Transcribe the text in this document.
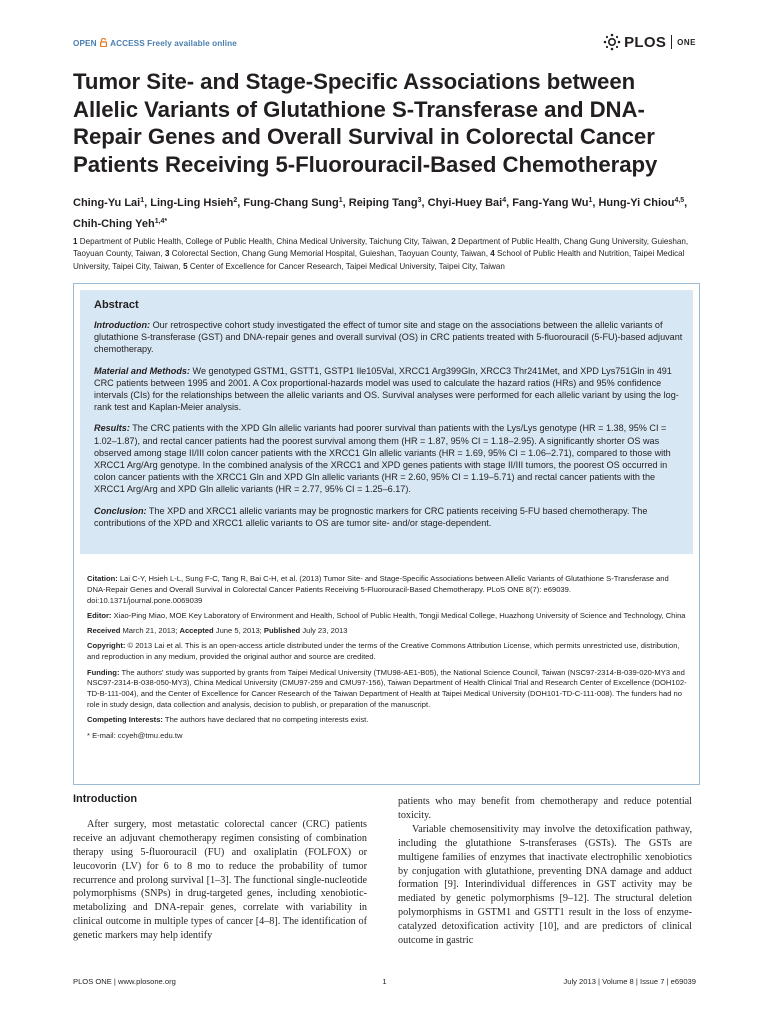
OPEN ACCESS Freely available online	PLOS ONE
Tumor Site- and Stage-Specific Associations between Allelic Variants of Glutathione S-Transferase and DNA-Repair Genes and Overall Survival in Colorectal Cancer Patients Receiving 5-Fluorouracil-Based Chemotherapy
Ching-Yu Lai$^1$, Ling-Ling Hsieh$^2$, Fung-Chang Sung$^1$, Reiping Tang$^3$, Chyi-Huey Bai$^4$, Fang-Yang Wu$^1$, Hung-Yi Chiou$^{4,5}$, Chih-Ching Yeh$^{1,4*}$
1 Department of Public Health, College of Public Health, China Medical University, Taichung City, Taiwan, 2 Department of Public Health, Chang Gung University, Guieshan, Taoyuan County, Taiwan, 3 Colorectal Section, Chang Gung Memorial Hospital, Guieshan, Taoyuan County, Taiwan, 4 School of Public Health and Nutrition, Taipei Medical University, Taipei City, Taiwan, 5 Center of Excellence for Cancer Research, Taipei Medical University, Taipei City, Taiwan
Abstract

Introduction: Our retrospective cohort study investigated the effect of tumor site and stage on the associations between the allelic variants of glutathione S-transferase (GST) and DNA-repair genes and overall survival (OS) in CRC patients treated with 5-fluorouracil (5-FU)-based adjuvant chemotherapy.

Material and Methods: We genotyped GSTM1, GSTT1, GSTP1 Ile105Val, XRCC1 Arg399Gln, XRCC3 Thr241Met, and XPD Lys751Gln in 491 CRC patients between 1995 and 2001. A Cox proportional-hazards model was used to calculate the hazard ratios (HRs) and 95% confidence intervals (CIs) for the relationships between the allelic variants and OS. Survival analyses were performed for each allelic variant by using the log-rank test and Kaplan-Meier analysis.

Results: The CRC patients with the XPD Gln allelic variants had poorer survival than patients with the Lys/Lys genotype (HR = 1.38, 95% CI = 1.02–1.87), and rectal cancer patients had the poorest survival among them (HR = 1.87, 95% CI = 1.18–2.95). A significantly shorter OS was observed among stage II/III colon cancer patients with the XRCC1 Gln allelic variants (HR = 1.69, 95% CI = 1.06–2.71), compared to those with XRCC1 Arg/Arg genotype. In the combined analysis of the XRCC1 and XPD genes patients with stage II/III tumors, the poorest OS occurred in colon cancer patients with the XRCC1 Gln and XPD Gln allelic variants (HR = 2.60, 95% CI = 1.19–5.71) and rectal cancer patients with the XRCC1 Arg/Arg and XPD Gln allelic variants (HR = 2.77, 95% CI = 1.25–6.17).

Conclusion: The XPD and XRCC1 allelic variants may be prognostic markers for CRC patients receiving 5-FU based chemotherapy. The contributions of the XPD and XRCC1 allelic variants to OS are tumor site- and/or stage-dependent.

Citation: Lai C-Y, Hsieh L-L, Sung F-C, Tang R, Bai C-H, et al. (2013) Tumor Site- and Stage-Specific Associations between Allelic Variants of Glutathione S-Transferase and DNA-Repair Genes and Overall Survival in Colorectal Cancer Patients Receiving 5-Fluorouracil-Based Chemotherapy. PLoS ONE 8(7): e69039. doi:10.1371/journal.pone.0069039
Editor: Xiao-Ping Miao, MOE Key Laboratory of Environment and Health, School of Public Health, Tongji Medical College, Huazhong University of Science and Technology, China
Received March 21, 2013; Accepted June 5, 2013; Published July 23, 2013
Copyright: © 2013 Lai et al. This is an open-access article distributed under the terms of the Creative Commons Attribution License, which permits unrestricted use, distribution, and reproduction in any medium, provided the original author and source are credited.
Funding: The authors' study was supported by grants from Taipei Medical University (TMU98-AE1-B05), the National Science Council, Taiwan (NSC97-2314-B-039-020-MY3 and NSC97-2314-B-038-050-MY3), China Medical University (CMU97-259 and CMU97-156), Taiwan Department of Health Clinical Trial and Research Center of Excellence (DOH102-TD-B-111-004), and the Center of Excellence for Cancer Research of the Taiwan Department of Health at Taipei Medical University (DOH101-TD-C-111-008). The funders had no role in study design, data collection and analysis, decision to publish, or preparation of the manuscript.
Competing Interests: The authors have declared that no competing interests exist.
* E-mail: ccyeh@tmu.edu.tw
Introduction

After surgery, most metastatic colorectal cancer (CRC) patients receive an adjuvant chemotherapy regimen consisting of combination therapy using 5-fluorouracil (FU) and oxaliplatin (FOLFOX) or leucovorin (LV) for 6 to 8 mo to reduce the probability of tumor recurrence and prolong survival [1–3]. The functional single-nucleotide polymorphisms (SNPs) in drug-targeted genes, including xenobiotic-metabolizing and DNA-repair genes, correlate with variability in clinical outcome in multiple types of cancer [4–8]. The identification of genetic markers may help identify

patients who may benefit from chemotherapy and reduce potential toxicity.

Variable chemosensitivity may involve the detoxification pathway, including the glutathione S-transferases (GSTs). The GSTs are multigene families of enzymes that inactivate electrophilic xenobiotics by conjugation with glutathione, preventing DNA damage and adduct formation [9]. Interindividual differences in GST activity may be mediated by genetic polymorphisms [9–12]. The structural deletion polymorphisms in GSTM1 and GSTT1 result in the loss of enzyme-catalyzed detoxification activity [10], and are predictors of clinical outcome in gastric

PLOS ONE | www.plosone.org	1	July 2013 | Volume 8 | Issue 7 | e69039
